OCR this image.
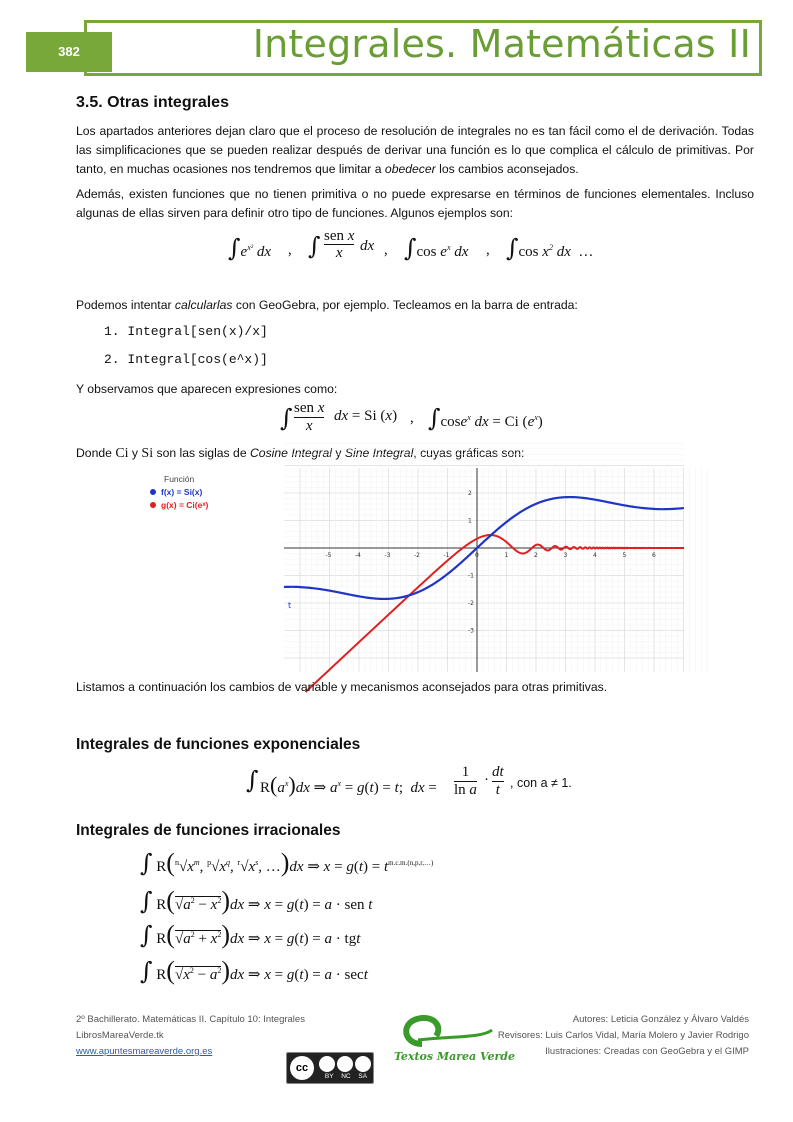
382	Integrales. Matemáticas II
3.5. Otras integrales

Los apartados anteriores dejan claro que el proceso de resolución de integrales no es tan fácil como el de derivación. Todas las simplificaciones que se pueden realizar después de derivar una función es lo que complica el cálculo de primitivas. Por tanto, en muchas ocasiones nos tendremos que limitar a obedecer los cambios aconsejados.

Además, existen funciones que no tienen primitiva o no puede expresarse en términos de funciones elementales. Incluso algunas de ellas sirven para definir otro tipo de funciones. Algunos ejemplos son:

$\int e^{x^2}$ dx , ∫ sen x
x	dx , ∫cos $e^x$ dx , ∫cos $x^2$ dx  …

Podemos intentar calcularlas con GeoGebra, por ejemplo. Tecleamos en la barra de entrada:

1. Integral[sen(x)/x]
2. Integral[cos(e^x)]

Y observamos que aparecen expresiones como:

∫ sen x
x
dx = Si (x) , ∫cose$^x$ dx = Ci $(e^x)$

Donde Ci y Si son las siglas de Cosine Integral y Sine Integral, cuyas gráficas son:

Función
f(x) = Si(x)
g(x) = Ci(eˣ)
-5	-4	-3	-2	-1	0	1	2	3	4	5	6
2
1
-1
-2
-3
t

Listamos a continuación los cambios de variable y mecanismos aconsejados para otras primitivas.

Integrales de funciones exponenciales
∫ $R(a^x)dx$ ⇒ $a^x = g(t) = t$;  dx =
1
ln a
· dt
t , con a ≠ 1.
Integrales de funciones irracionales
∫ $R(^n√x^m$, $^p√x^q$, $^r√x^s$, …)dx ⇒ $x = g(t) = t^{m.c.m.(n,p,r,\dots)}$
∫ $R(√a^2 - x^2)dx$ ⇒ x = g(t) = a · sen t
∫ $R(√a^2 + x^2)dx$ ⇒ x = g(t) = a · tgt
∫ $R(√x^2 - a^2)dx$ ⇒ x = g(t) = a · sect
2º Bachillerato. Matemáticas II. Capítulo 10: Integrales
LibrosMareaVerde.tk
www.apuntesmareaverde.org.es
Autores: Leticia González y Álvaro Valdés
Revisores: Luis Carlos Vidal, María Molero y Javier Rodrigo
Ilustraciones: Creadas con GeoGebra y el GIMP
Textos Marea Verde
cc
BY NC SA
